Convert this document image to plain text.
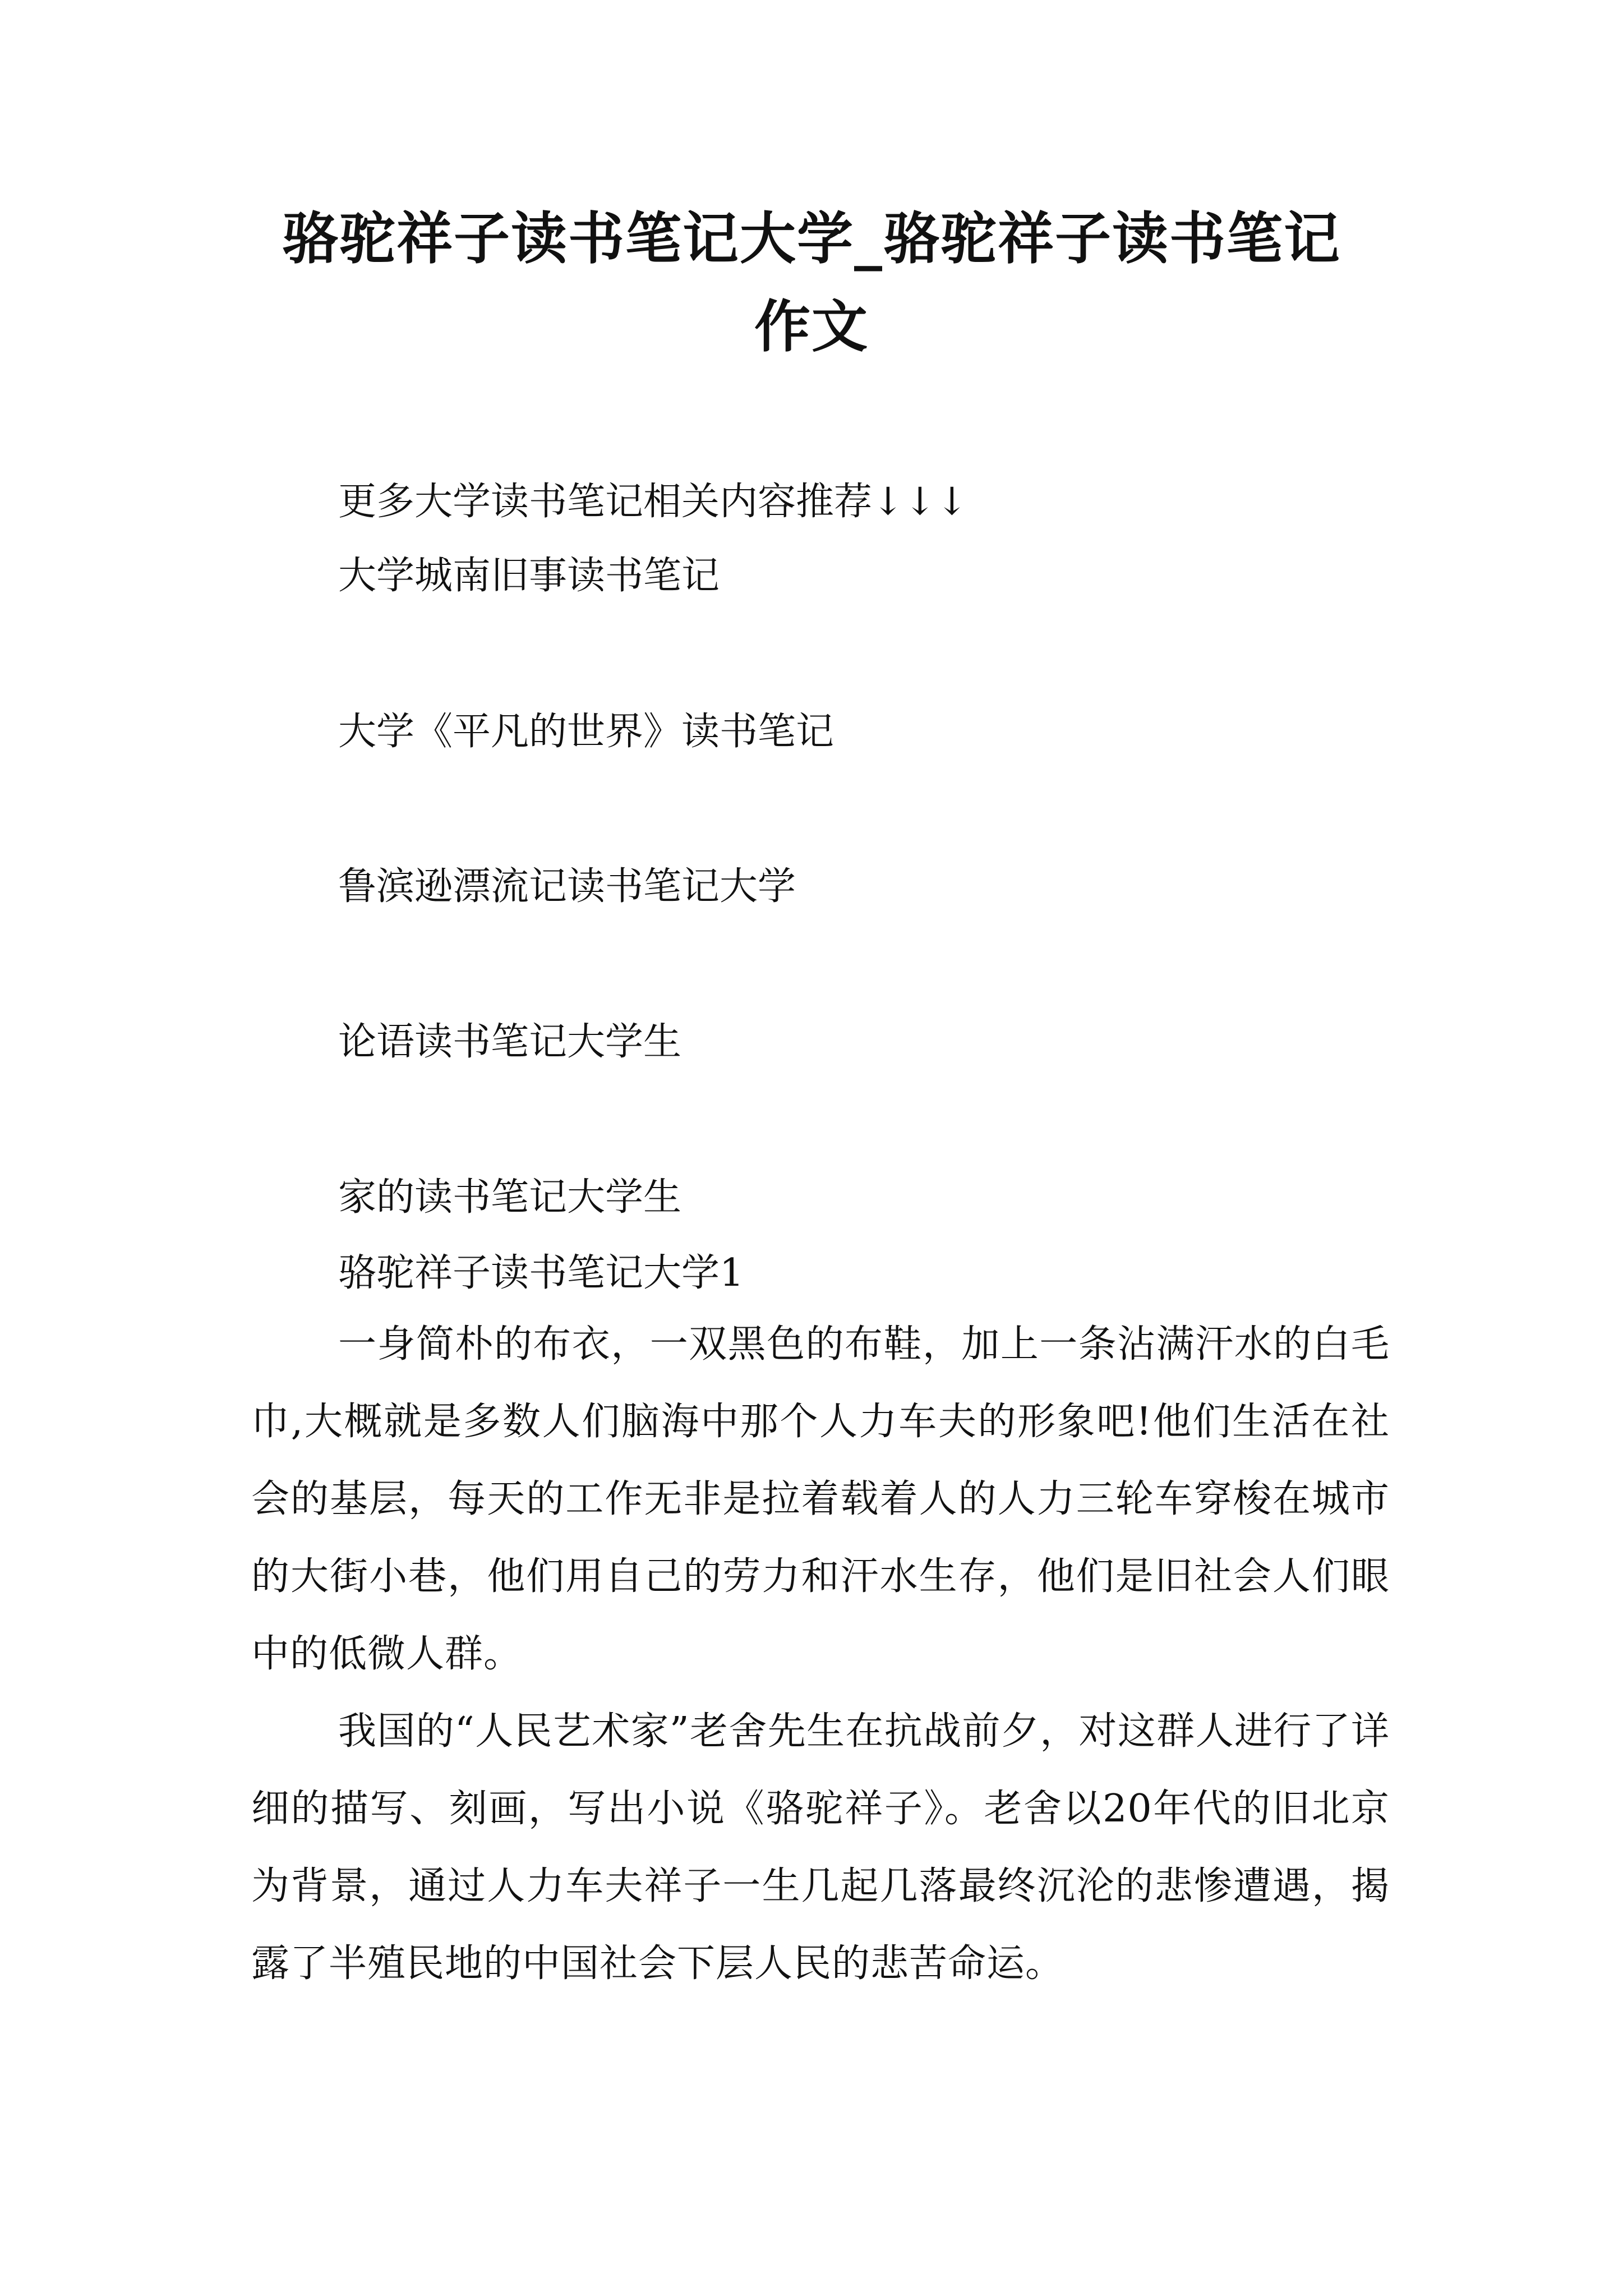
骆驼祥子读书笔记大学_骆驼祥子读书笔记
作文
更多大学读书笔记相关内容推荐↓↓↓
大学城南旧事读书笔记
大学《平凡的世界》读书笔记
鲁滨逊漂流记读书笔记大学
论语读书笔记大学生
家的读书笔记大学生
骆驼祥子读书笔记大学1
一身简朴的布衣，一双黑色的布鞋，加上一条沾满汗水的白毛巾,大概就是多数人们脑海中那个人力车夫的形象吧!他们生活在社会的基层，每天的工作无非是拉着载着人的人力三轮车穿梭在城市的大街小巷，他们用自己的劳力和汗水生存，他们是旧社会人们眼中的低微人群。
我国的“人民艺术家”老舍先生在抗战前夕，对这群人进行了详细的描写、刻画，写出小说《骆驼祥子》。老舍以20年代的旧北京为背景，通过人力车夫祥子一生几起几落最终沉沦的悲惨遭遇，揭露了半殖民地的中国社会下层人民的悲苦命运。
